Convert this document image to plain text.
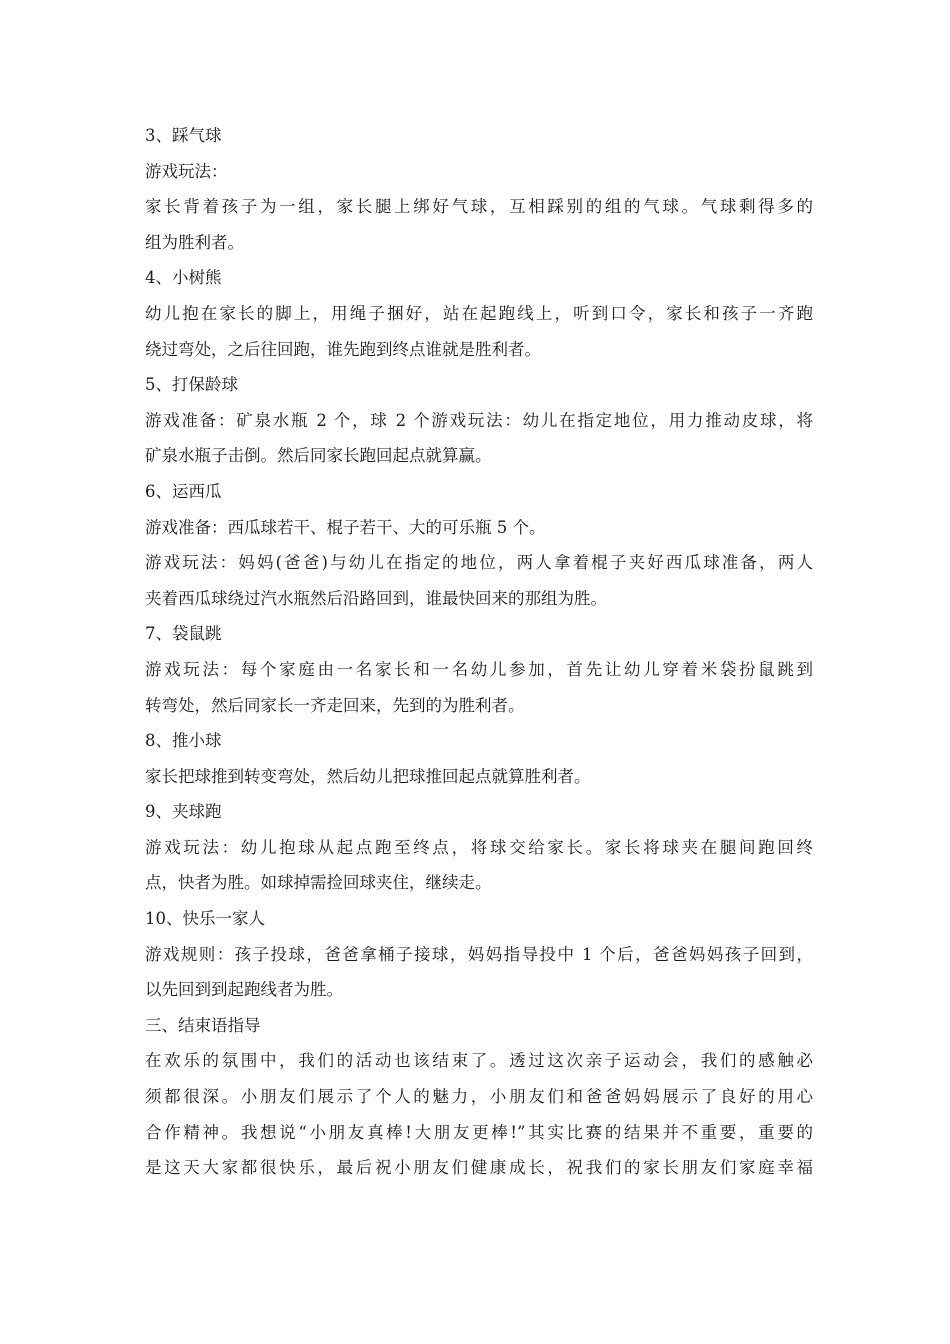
3、踩气球
游戏玩法：
家长背着孩子为一组，家长腿上绑好气球，互相踩别的组的气球。气球剩得多的
组为胜利者。
4、小树熊
幼儿抱在家长的脚上，用绳子捆好，站在起跑线上，听到口令，家长和孩子一齐跑
绕过弯处，之后往回跑，谁先跑到终点谁就是胜利者。
5、打保龄球
游戏准备：矿泉水瓶 2 个，球 2 个游戏玩法：幼儿在指定地位，用力推动皮球，将
矿泉水瓶子击倒。然后同家长跑回起点就算赢。
6、运西瓜
游戏准备：西瓜球若干、棍子若干、大的可乐瓶 5 个。
游戏玩法：妈妈(爸爸)与幼儿在指定的地位，两人拿着棍子夹好西瓜球准备，两人
夹着西瓜球绕过汽水瓶然后沿路回到，谁最快回来的那组为胜。
7、袋鼠跳
游戏玩法：每个家庭由一名家长和一名幼儿参加，首先让幼儿穿着米袋扮鼠跳到
转弯处，然后同家长一齐走回来，先到的为胜利者。
8、推小球
家长把球推到转变弯处，然后幼儿把球推回起点就算胜利者。
9、夹球跑
游戏玩法：幼儿抱球从起点跑至终点，将球交给家长。家长将球夹在腿间跑回终
点，快者为胜。如球掉需捡回球夹住，继续走。
10、快乐一家人
游戏规则：孩子投球，爸爸拿桶子接球，妈妈指导投中 1 个后，爸爸妈妈孩子回到，
以先回到到起跑线者为胜。
三、结束语指导
在欢乐的氛围中，我们的活动也该结束了。透过这次亲子运动会，我们的感触必
须都很深。小朋友们展示了个人的魅力，小朋友们和爸爸妈妈展示了良好的用心
合作精神。我想说“小朋友真棒!大朋友更棒!”其实比赛的结果并不重要，重要的
是这天大家都很快乐，最后祝小朋友们健康成长，祝我们的家长朋友们家庭幸福
